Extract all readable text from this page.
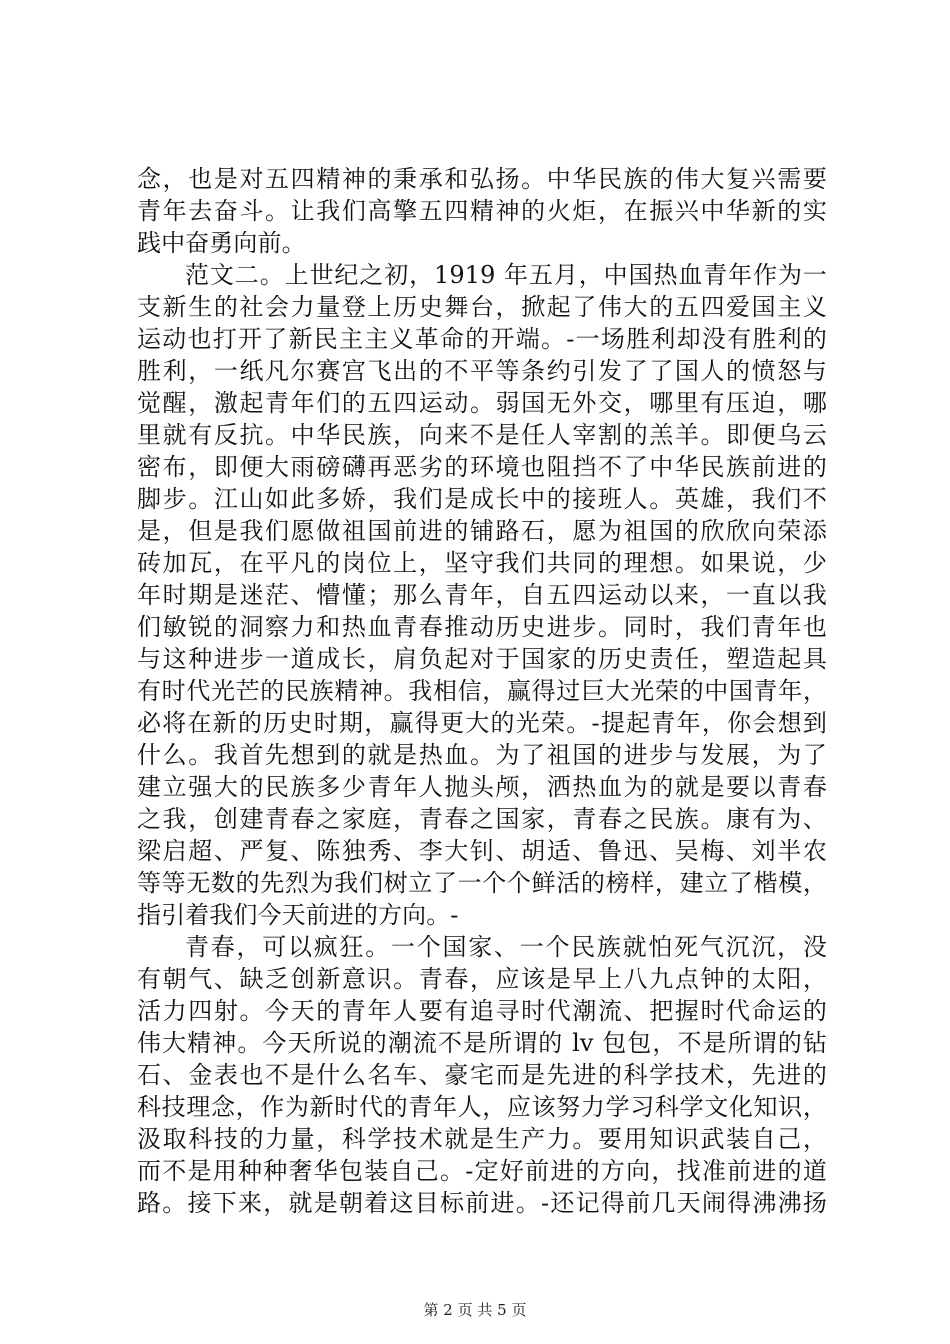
念，也是对五四精神的秉承和弘扬。中华民族的伟大复兴需要
青年去奋斗。让我们高擎五四精神的火炬，在振兴中华新的实
践中奋勇向前。
范文二。上世纪之初，1919 年五月，中国热血青年作为一
支新生的社会力量登上历史舞台，掀起了伟大的五四爱国主义
运动也打开了新民主主义革命的开端。-一场胜利却没有胜利的
胜利，一纸凡尔赛宫飞出的不平等条约引发了了国人的愤怒与
觉醒，激起青年们的五四运动。弱国无外交，哪里有压迫，哪
里就有反抗。中华民族，向来不是任人宰割的羔羊。即便乌云
密布，即便大雨磅礴再恶劣的环境也阻挡不了中华民族前进的
脚步。江山如此多娇，我们是成长中的接班人。英雄，我们不
是，但是我们愿做祖国前进的铺路石，愿为祖国的欣欣向荣添
砖加瓦，在平凡的岗位上，坚守我们共同的理想。如果说，少
年时期是迷茫、懵懂；那么青年，自五四运动以来，一直以我
们敏锐的洞察力和热血青春推动历史进步。同时，我们青年也
与这种进步一道成长，肩负起对于国家的历史责任，塑造起具
有时代光芒的民族精神。我相信，赢得过巨大光荣的中国青年，
必将在新的历史时期，赢得更大的光荣。-提起青年，你会想到
什么。我首先想到的就是热血。为了祖国的进步与发展，为了
建立强大的民族多少青年人抛头颅，洒热血为的就是要以青春
之我，创建青春之家庭，青春之国家，青春之民族。康有为、
梁启超、严复、陈独秀、李大钊、胡适、鲁迅、吴梅、刘半农
等等无数的先烈为我们树立了一个个鲜活的榜样，建立了楷模，
指引着我们今天前进的方向。-
青春，可以疯狂。一个国家、一个民族就怕死气沉沉，没
有朝气、缺乏创新意识。青春，应该是早上八九点钟的太阳，
活力四射。今天的青年人要有追寻时代潮流、把握时代命运的
伟大精神。今天所说的潮流不是所谓的 lv 包包，不是所谓的钻
石、金表也不是什么名车、豪宅而是先进的科学技术，先进的
科技理念，作为新时代的青年人，应该努力学习科学文化知识，
汲取科技的力量，科学技术就是生产力。要用知识武装自己，
而不是用种种奢华包装自己。-定好前进的方向，找准前进的道
路。接下来，就是朝着这目标前进。-还记得前几天闹得沸沸扬
第 2 页 共 5 页
